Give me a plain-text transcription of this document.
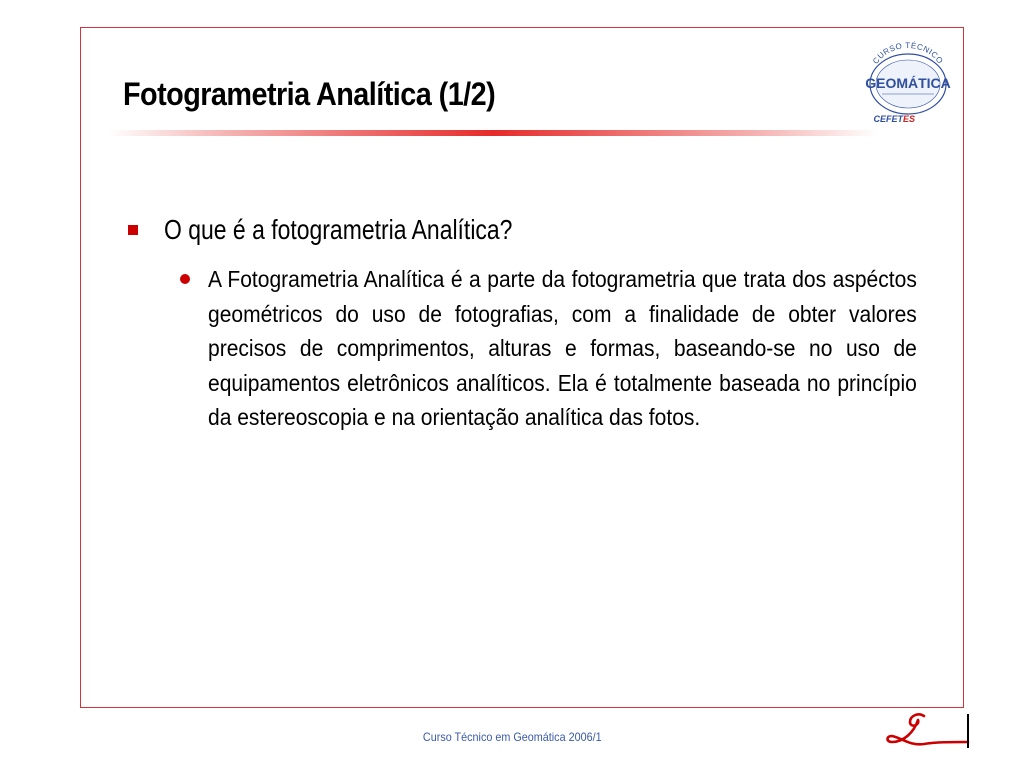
Fotogrametria Analítica (1/2)
CURSO TÉCNICO
GEOMÁTICA
CEFET ES
O que é a fotogrametria Analítica?

A Fotogrametria Analítica é a parte da fotogrametria que trata dos aspéctos geométricos do uso de fotografias, com a finalidade de obter valores precisos de comprimentos, alturas e formas, baseando-se no uso de equipamentos eletrônicos analíticos. Ela é totalmente baseada no princípio da estereoscopia e na orientação analítica das fotos.

Curso Técnico em Geomática 2006/1
